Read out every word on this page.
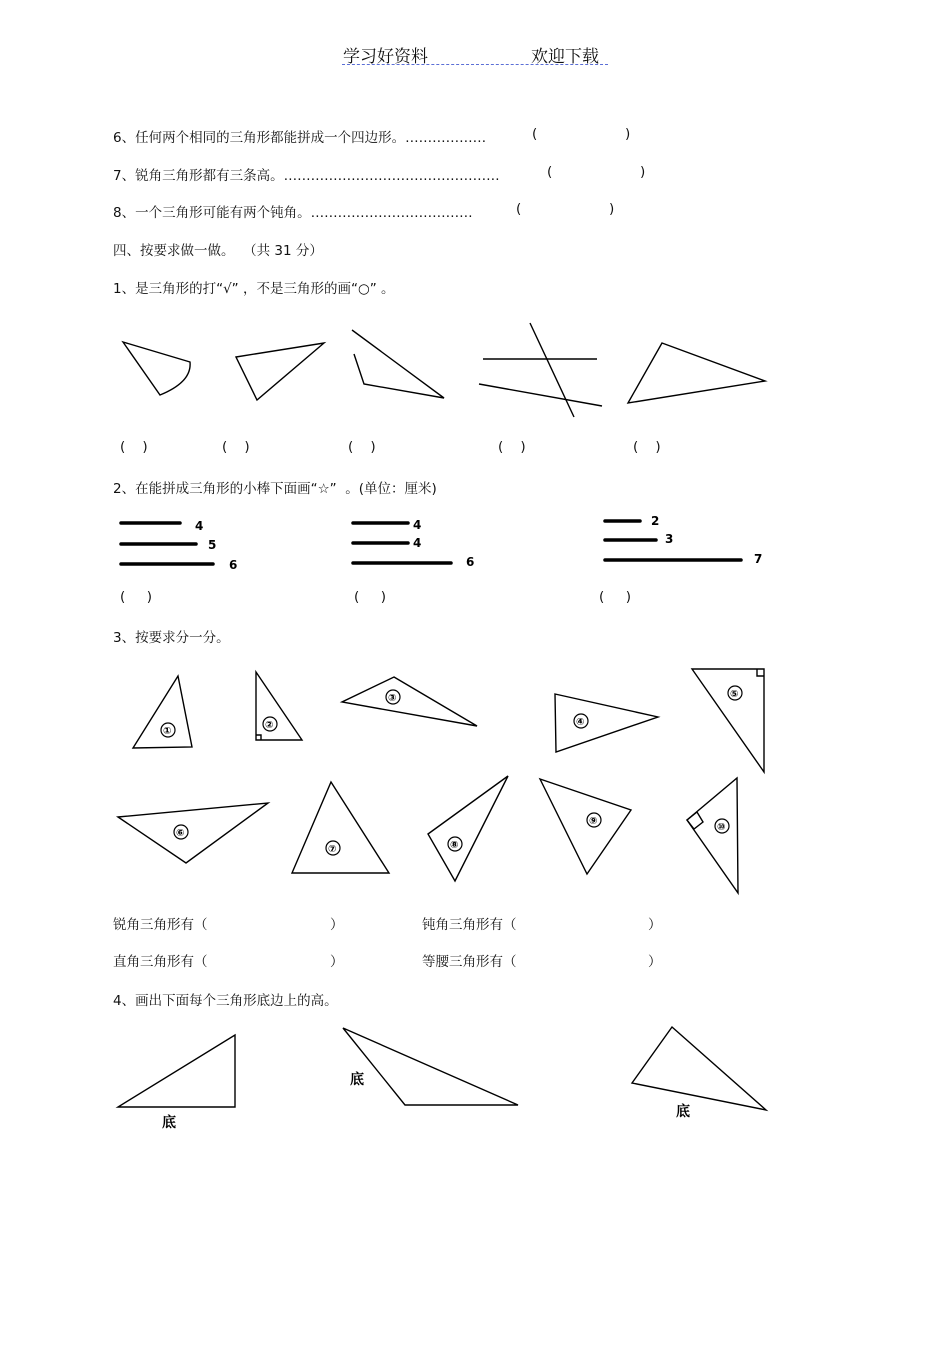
学习好资料	欢迎下载
6、任何两个相同的三角形都能拼成一个四边形。………………	(	)
7、锐角三角形都有三条高。…………………………………………	(	)
8、一个三角形可能有两个钝角。………………………………	(	)
四、按要求做一做。  （共 31 分）
1、是三角形的打“√” ，不是三角形的画“○” 。
(    )	(    )	(    )	(    )	(    )
2、在能拼成三角形的小棒下面画“☆”  。(单位：厘米)
(     )	(     )	(     )
3、按要求分一分。
锐角三角形有（	）	钝角三角形有（	）
直角三角形有（	）	等腰三角形有（	）
4、画出下面每个三角形底边上的高。
4
5
6
4
4
6
2
3
7
①
②
③
④
⑤
⑥
⑦	⑧
⑨
⑩
底
底
底
